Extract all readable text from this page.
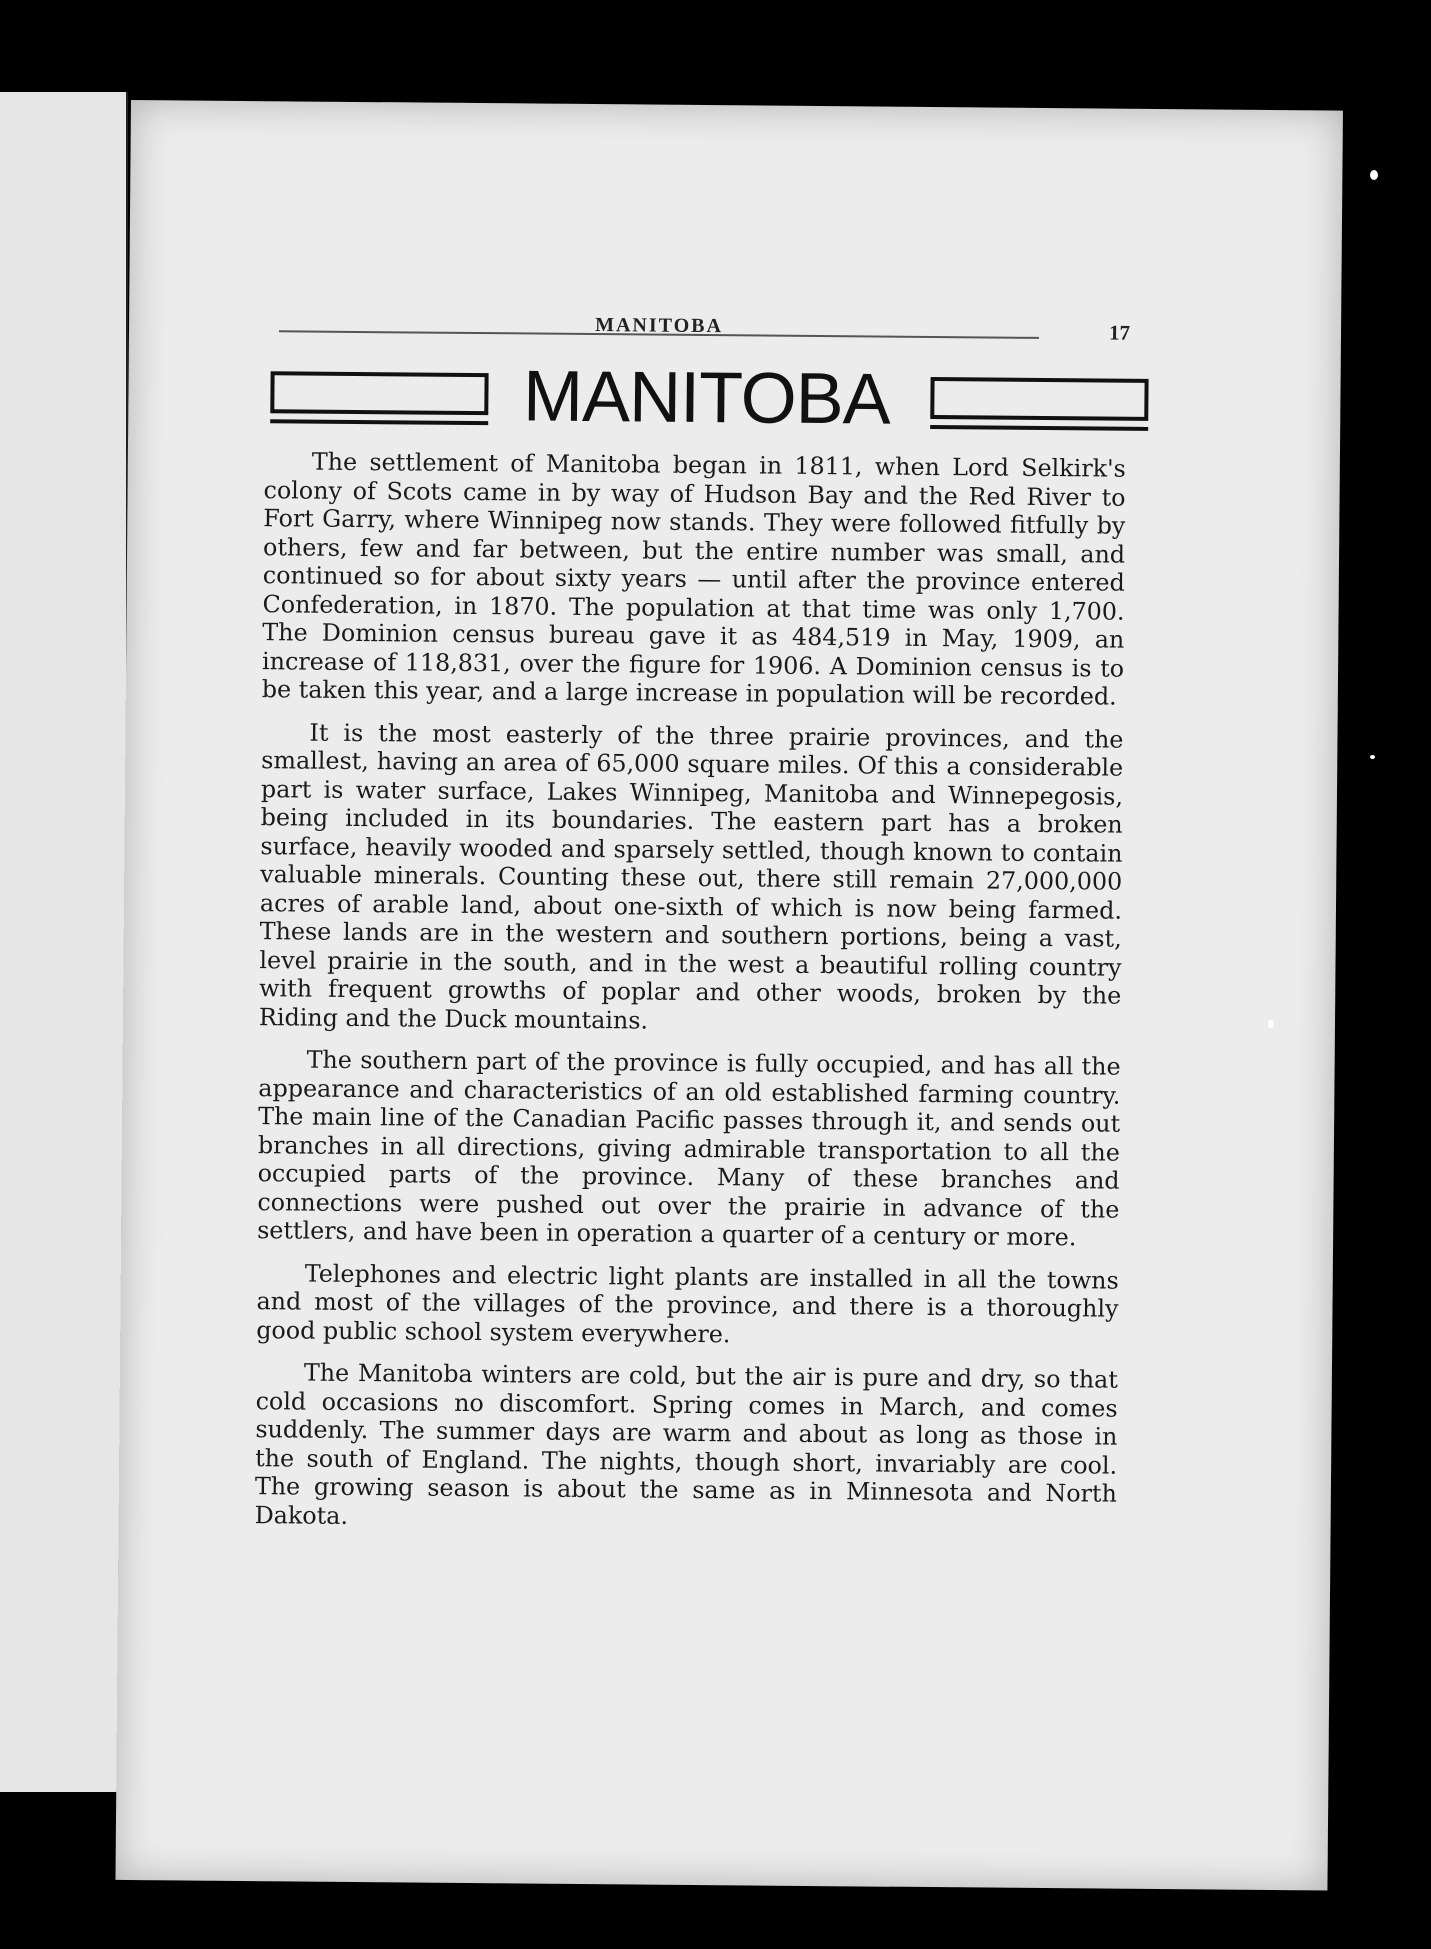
MANITOBA	17
MANITOBA

The settlement of Manitoba began in 1811, when Lord Selkirk's colony of Scots came in by way of Hudson Bay and the Red River to Fort Garry, where Winnipeg now stands. They were followed fitfully by others, few and far between, but the entire number was small, and continued so for about sixty years — until after the province entered Confederation, in 1870. The population at that time was only 1,700. The Dominion census bureau gave it as 484,519 in May, 1909, an increase of 118,831, over the figure for 1906. A Dominion census is to be taken this year, and a large increase in population will be recorded.

It is the most easterly of the three prairie provinces, and the smallest, having an area of 65,000 square miles. Of this a considerable part is water surface, Lakes Winnipeg, Manitoba and Winnepegosis, being included in its boundaries. The eastern part has a broken surface, heavily wooded and sparsely settled, though known to contain valuable minerals. Counting these out, there still remain 27,000,000 acres of arable land, about one-sixth of which is now being farmed. These lands are in the western and southern portions, being a vast, level prairie in the south, and in the west a beautiful rolling country with frequent growths of poplar and other woods, broken by the Riding and the Duck mountains.

The southern part of the province is fully occupied, and has all the appearance and characteristics of an old established farming country. The main line of the Canadian Pacific passes through it, and sends out branches in all directions, giving admirable transportation to all the occupied parts of the province. Many of these branches and connections were pushed out over the prairie in advance of the settlers, and have been in operation a quarter of a century or more.

Telephones and electric light plants are installed in all the towns and most of the villages of the province, and there is a thoroughly good public school system everywhere.

The Manitoba winters are cold, but the air is pure and dry, so that cold occasions no discomfort. Spring comes in March, and comes suddenly. The summer days are warm and about as long as those in the south of England. The nights, though short, invariably are cool. The growing season is about the same as in Minnesota and North Dakota.
